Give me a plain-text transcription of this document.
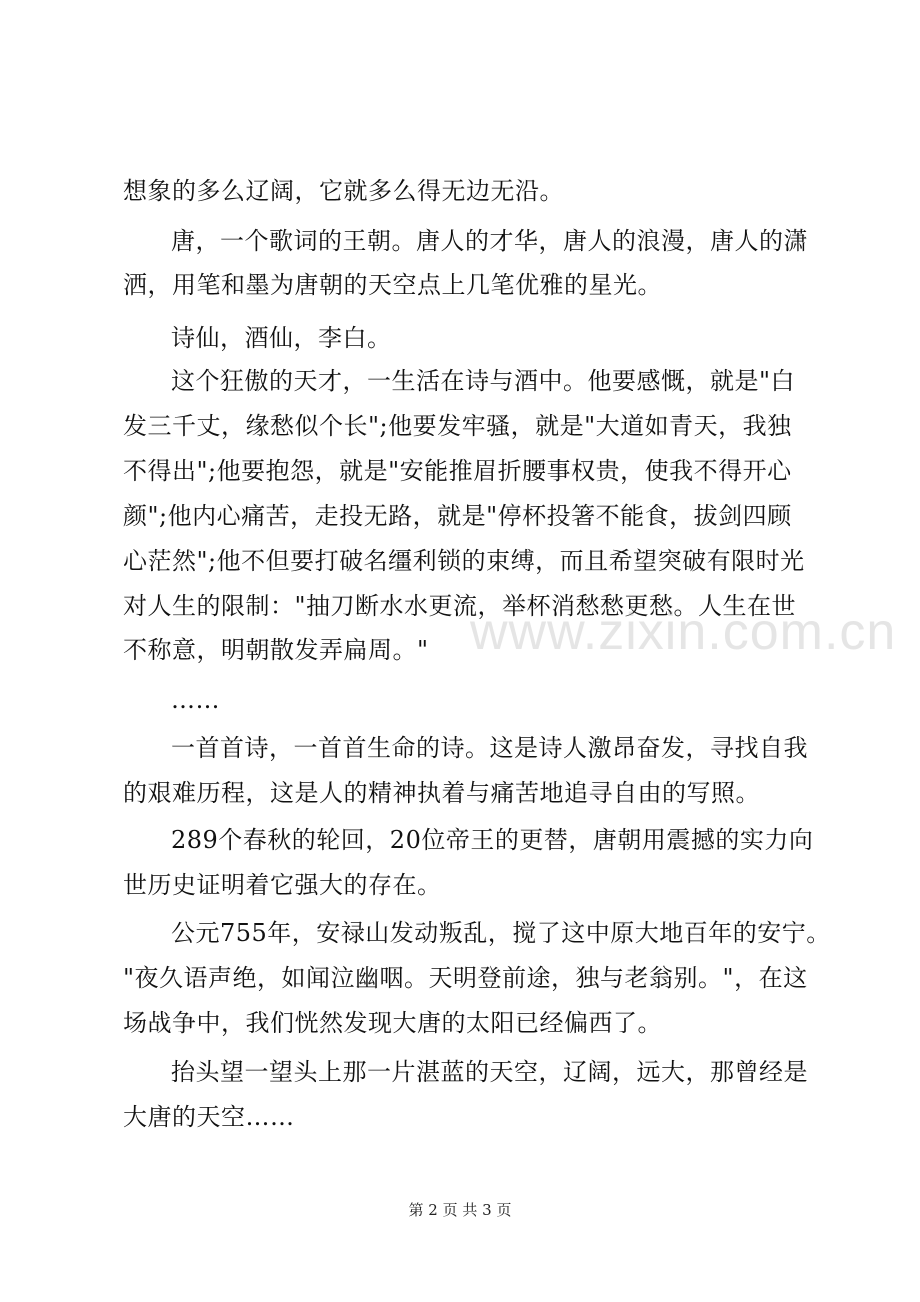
想象的多么辽阔，它就多么得无边无沿。
唐，一个歌词的王朝。唐人的才华，唐人的浪漫，唐人的潇
洒，用笔和墨为唐朝的天空点上几笔优雅的星光。
诗仙，酒仙，李白。
这个狂傲的天才，一生活在诗与酒中。他要感慨，就是"白
发三千丈，缘愁似个长";他要发牢骚，就是"大道如青天，我独
不得出";他要抱怨，就是"安能推眉折腰事权贵，使我不得开心
颜";他内心痛苦，走投无路，就是"停杯投箸不能食，拔剑四顾
心茫然";他不但要打破名缰利锁的束缚，而且希望突破有限时光
对人生的限制："抽刀断水水更流，举杯消愁愁更愁。人生在世
不称意，明朝散发弄扁周。"
……
一首首诗，一首首生命的诗。这是诗人激昂奋发，寻找自我
的艰难历程，这是人的精神执着与痛苦地追寻自由的写照。
289个春秋的轮回，20位帝王的更替，唐朝用震撼的实力向
世历史证明着它强大的存在。
公元755年，安禄山发动叛乱，搅了这中原大地百年的安宁。
"夜久语声绝，如闻泣幽咽。天明登前途，独与老翁别。"，在这
场战争中，我们恍然发现大唐的太阳已经偏西了。
抬头望一望头上那一片湛蓝的天空，辽阔，远大，那曾经是
大唐的天空……
www.zixin.com.cn
第 2 页 共 3 页
